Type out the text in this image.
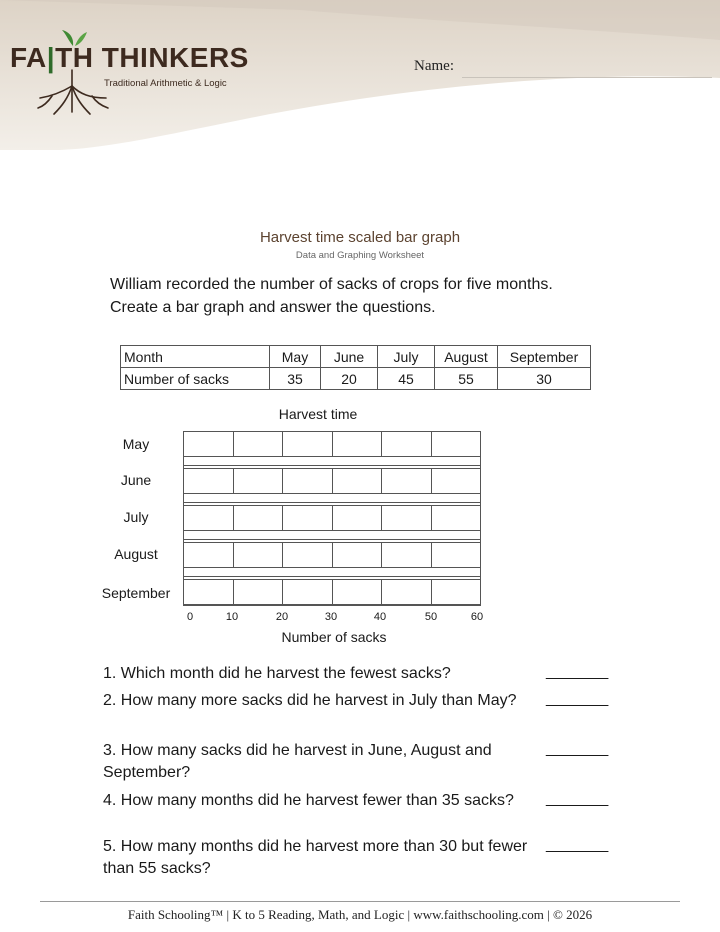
FA|TH THINKERS
Traditional Arithmetic & Logic
Name:
Harvest time scaled bar graph
Data and Graphing Worksheet
William recorded the number of sacks of crops for five months.
Create a bar graph and answer the questions.
Month	May	June	July	August	September
Number of sacks	35	20	45	55	30
Harvest time
May
June
July
August
September
0	10	20	30	40	50	60
Number of sacks
1. Which month did he harvest the fewest sacks?	_______
2. How many more sacks did he harvest in July than May?	_______
3. How many sacks did he harvest in June, August and September?
_______
4. How many months did he harvest fewer than 35 sacks?	_______
5. How many months did he harvest more than 30 but fewer than 55 sacks?
_______
Faith Schooling™ | K to 5 Reading, Math, and Logic | www.faithschooling.com | © 2026
